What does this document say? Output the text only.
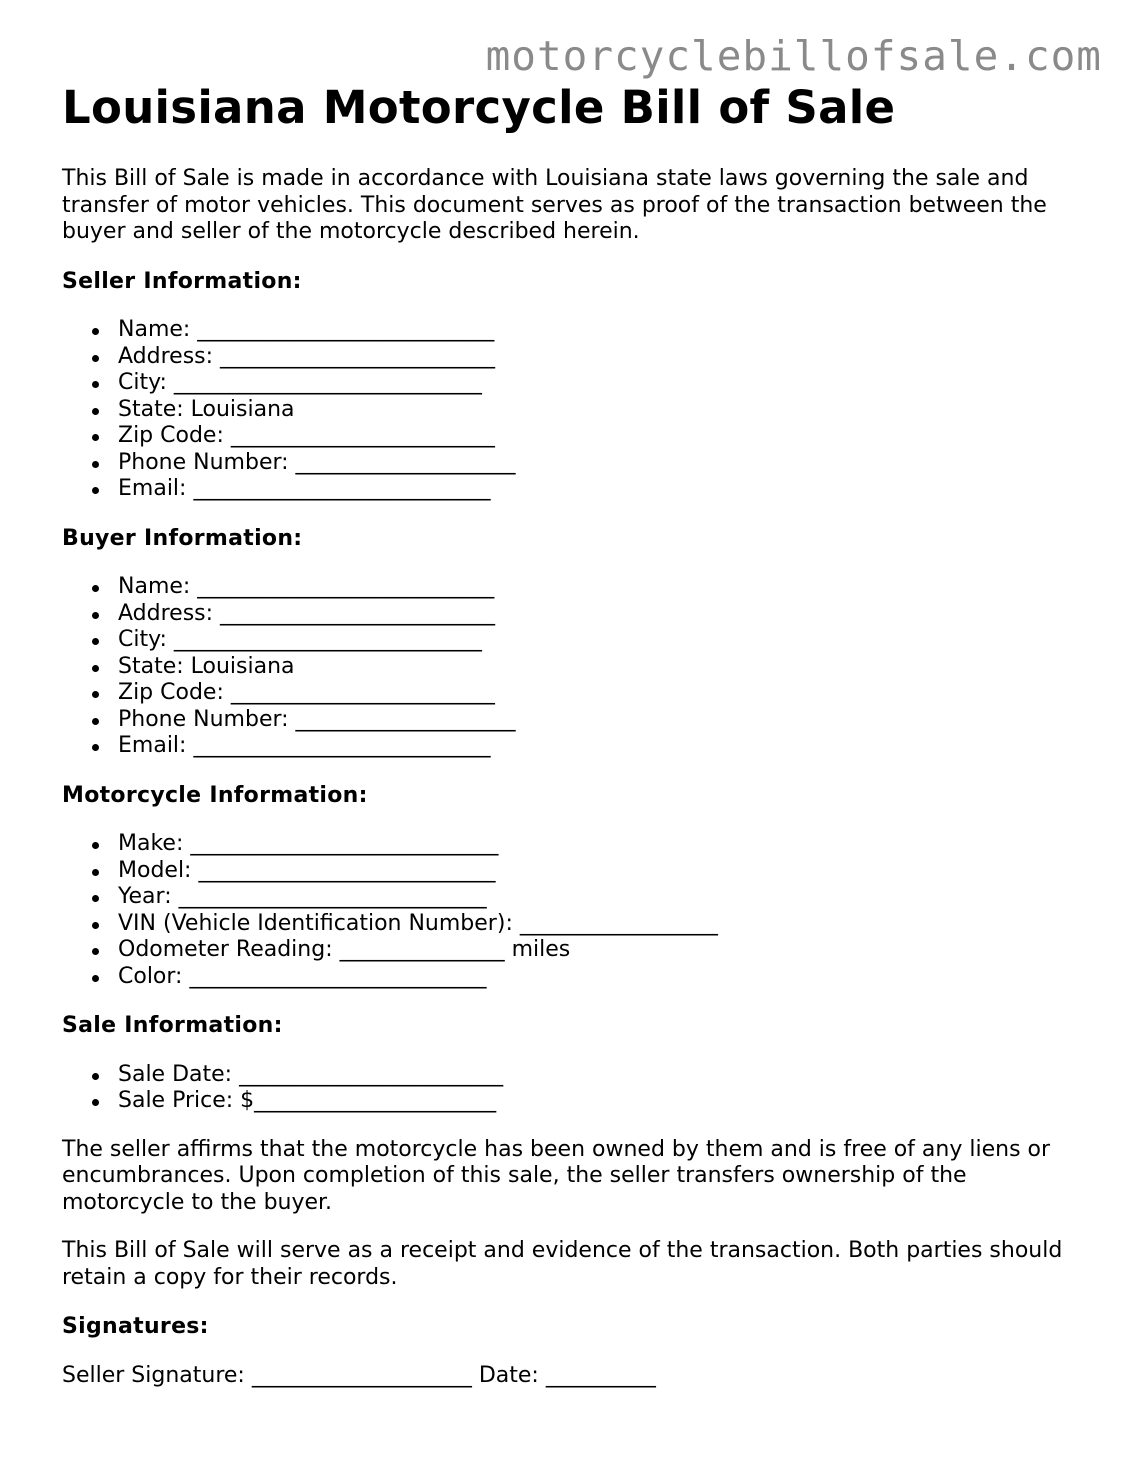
motorcyclebillofsale.com
Louisiana Motorcycle Bill of Sale

This Bill of Sale is made in accordance with Louisiana state laws governing the sale and transfer of motor vehicles. This document serves as proof of the transaction between the buyer and seller of the motorcycle described herein.

Seller Information:
Name: ___________________________
Address: _________________________
City: ____________________________
State: Louisiana
Zip Code: ________________________
Phone Number: ____________________
Email: ___________________________
Buyer Information:
Name: ___________________________
Address: _________________________
City: ____________________________
State: Louisiana
Zip Code: ________________________
Phone Number: ____________________
Email: ___________________________
Motorcycle Information:
Make: ____________________________
Model: ___________________________
Year: ____________________________
VIN (Vehicle Identification Number): __________________
Odometer Reading: _______________ miles
Color: ___________________________
Sale Information:
Sale Date: ________________________
Sale Price: $______________________

The seller affirms that the motorcycle has been owned by them and is free of any liens or encumbrances. Upon completion of this sale, the seller transfers ownership of the motorcycle to the buyer.

This Bill of Sale will serve as a receipt and evidence of the transaction. Both parties should retain a copy for their records.

Signatures:
Seller Signature: ____________________ Date: __________
